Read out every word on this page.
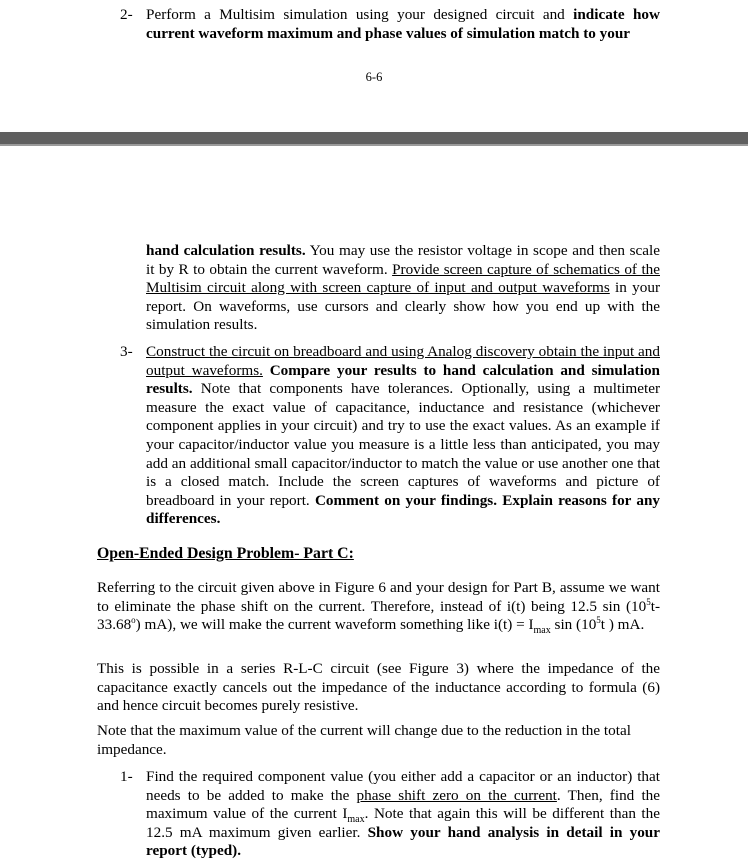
2- Perform a Multisim simulation using your designed circuit and indicate how current waveform maximum and phase values of simulation match to your
6-6
hand calculation results. You may use the resistor voltage in scope and then scale it by R to obtain the current waveform. Provide screen capture of schematics of the Multisim circuit along with screen capture of input and output waveforms in your report. On waveforms, use cursors and clearly show how you end up with the simulation results.
3- Construct the circuit on breadboard and using Analog discovery obtain the input and output waveforms. Compare your results to hand calculation and simulation results. Note that components have tolerances. Optionally, using a multimeter measure the exact value of capacitance, inductance and resistance (whichever component applies in your circuit) and try to use the exact values. As an example if your capacitor/inductor value you measure is a little less than anticipated, you may add an additional small capacitor/inductor to match the value or use another one that is a closed match. Include the screen captures of waveforms and picture of breadboard in your report. Comment on your findings. Explain reasons for any differences.
Open-Ended Design Problem- Part C:
Referring to the circuit given above in Figure 6 and your design for Part B, assume we want to eliminate the phase shift on the current. Therefore, instead of i(t) being 12.5 $\sin (10^5t-$ 33.68$^o$) mA), we will make the current waveform something like $i(t) = I_{max}$ $\sin (10^5t$ ) mA.
This is possible in a series R-L-C circuit (see Figure 3) where the impedance of the capacitance exactly cancels out the impedance of the inductance according to formula (6) and hence circuit becomes purely resistive.
Note that the maximum value of the current will change due to the reduction in the total impedance.
1- Find the required component value (you either add a capacitor or an inductor) that needs to be added to make the phase shift zero on the current. Then, find the maximum value of the current $I_{max}$. Note that again this will be different than the 12.5 mA maximum given earlier. Show your hand analysis in detail in your report (typed).
